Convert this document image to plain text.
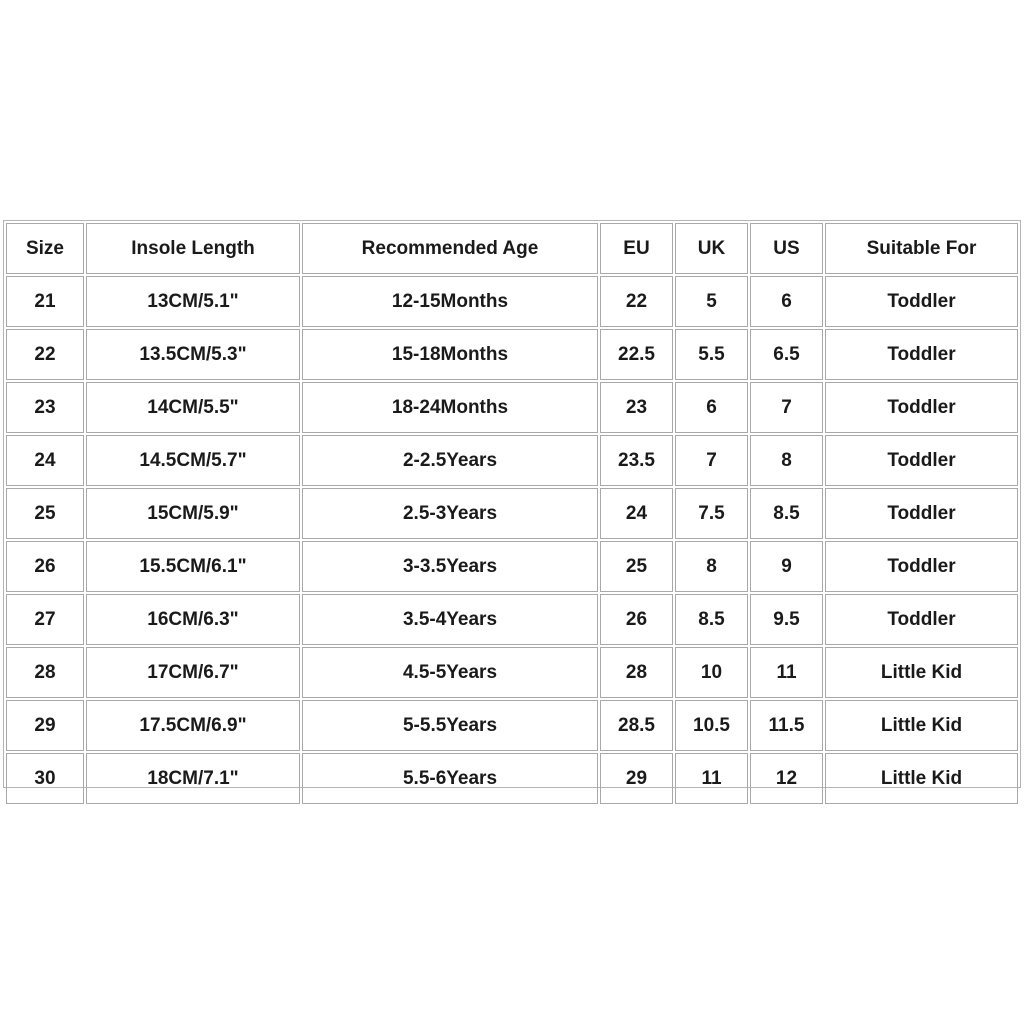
Size	Insole Length	Recommended Age	EU	UK	US	Suitable For
21	13CM/5.1"	12-15Months	22	5	6	Toddler
22	13.5CM/5.3"	15-18Months	22.5	5.5	6.5	Toddler
23	14CM/5.5"	18-24Months	23	6	7	Toddler
24	14.5CM/5.7"	2-2.5Years	23.5	7	8	Toddler
25	15CM/5.9"	2.5-3Years	24	7.5	8.5	Toddler
26	15.5CM/6.1"	3-3.5Years	25	8	9	Toddler
27	16CM/6.3"	3.5-4Years	26	8.5	9.5	Toddler
28	17CM/6.7"	4.5-5Years	28	10	11	Little Kid
29	17.5CM/6.9"	5-5.5Years	28.5	10.5	11.5	Little Kid
30	18CM/7.1"	5.5-6Years	29	11	12	Little Kid
